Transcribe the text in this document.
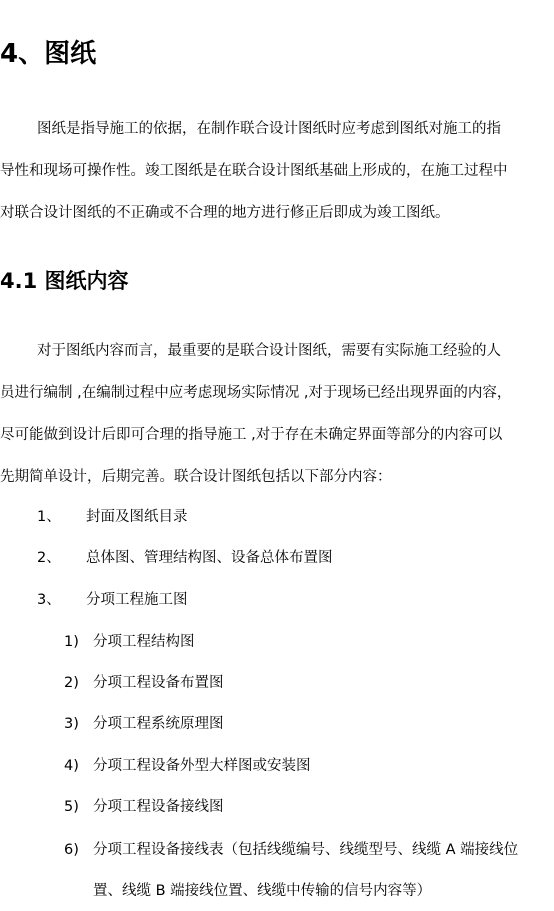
4、图纸
图纸是指导施工的依据，在制作联合设计图纸时应考虑到图纸对施工的指
导性和现场可操作性。竣工图纸是在联合设计图纸基础上形成的，在施工过程中
对联合设计图纸的不正确或不合理的地方进行修正后即成为竣工图纸。
4.1 图纸内容
对于图纸内容而言，最重要的是联合设计图纸，需要有实际施工经验的人
员进行编制 ,在编制过程中应考虑现场实际情况 ,对于现场已经出现界面的内容，
尽可能做到设计后即可合理的指导施工 ,对于存在未确定界面等部分的内容可以
先期简单设计，后期完善。联合设计图纸包括以下部分内容：
1、 封面及图纸目录
2、 总体图、管理结构图、设备总体布置图
3、 分项工程施工图
1) 分项工程结构图
2) 分项工程设备布置图
3) 分项工程系统原理图
4) 分项工程设备外型大样图或安装图
5) 分项工程设备接线图
6) 分项工程设备接线表（包括线缆编号、线缆型号、线缆 A 端接线位
置、线缆 B 端接线位置、线缆中传输的信号内容等）
